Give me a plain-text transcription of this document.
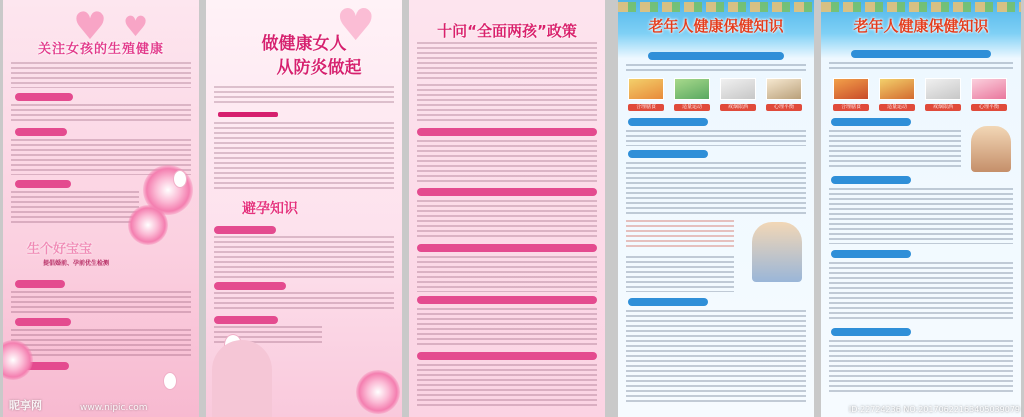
♥ ♥
关注女孩的生殖健康
生个好宝宝
提倡婚前、孕前优生检测
昵享网
♥
做健康女人
从防炎做起
避孕知识
十问“全面两孩”政策	老年人健康保健知识
合理膳食	适量运动	戒烟限酒	心理平衡
老年人健康保健知识
合理膳食	适量运动	戒烟限酒	心理平衡
www.nipic.com	ID:22724236 NO:20170622163405039079
